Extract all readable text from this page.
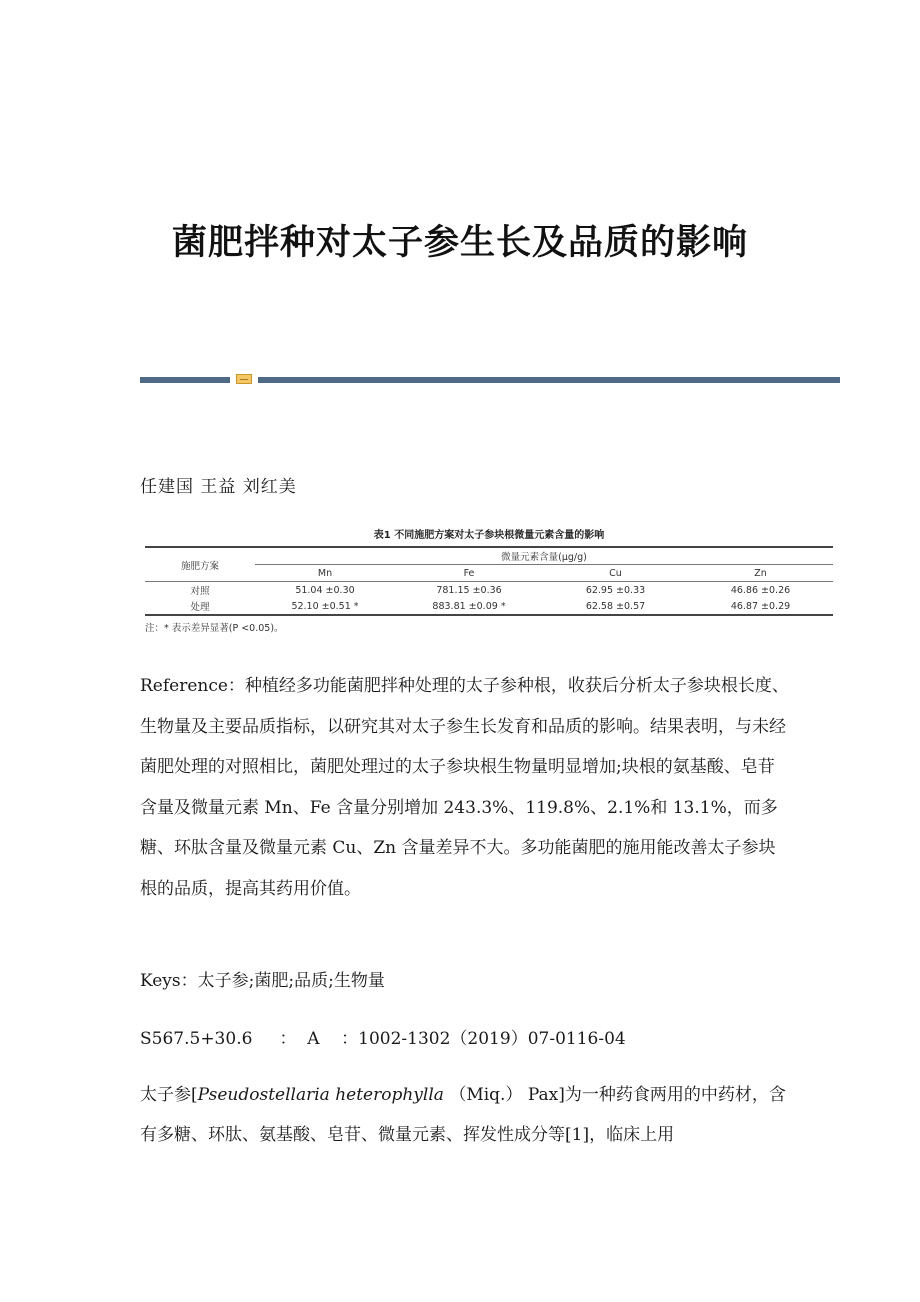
菌肥拌种对太子参生长及品质的影响
任建国 王益 刘红美
表1 不同施肥方案对太子参块根微量元素含量的影响
施肥方案	微量元素含量(μg/g)			
	Mn	Fe	Cu	Zn
对照	51.04 ±0.30	781.15 ±0.36	62.95 ±0.33	46.86 ±0.26
处理	52.10 ±0.51 *	883.81 ±0.09 *	62.58 ±0.57	46.87 ±0.29
注：* 表示差异显著(P <0.05)。
Reference：种植经多功能菌肥拌种处理的太子参种根，收获后分析太子参块根长度、生物量及主要品质指标，以研究其对太子参生长发育和品质的影响。结果表明，与未经菌肥处理的对照相比，菌肥处理过的太子参块根生物量明显增加;块根的氨基酸、皂苷含量及微量元素 Mn、Fe 含量分别增加 243.3%、119.8%、2.1%和 13.1%，而多糖、环肽含量及微量元素 Cu、Zn 含量差异不大。多功能菌肥的施用能改善太子参块根的品质，提高其药用价值。
Keys：太子参;菌肥;品质;生物量
S567.5+30.6     ：  A    ：1002-1302（2019）07-0116-04
太子参[Pseudostellaria heterophylla （Miq.） Pax]为一种药食两用的中药材，含有多糖、环肽、氨基酸、皂苷、微量元素、挥发性成分等[1]，临床上用
